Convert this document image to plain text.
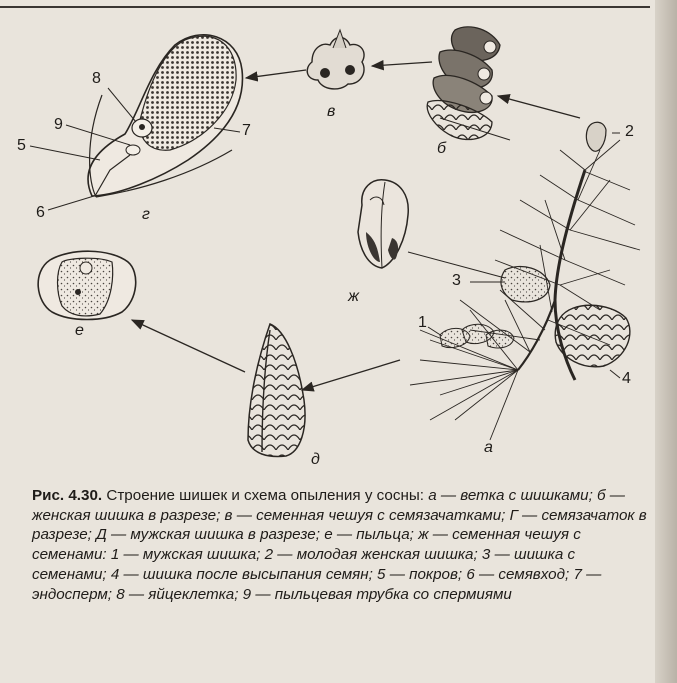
а
б
в
г
д
е
ж
1
2
3
4
5
6
7
8
9
Рис. 4.30. Строение шишек и схема опыления у сосны: а — ветка с шишками; б — женская шишка в разрезе; в — семенная чешуя с семязачатками; Г — семязачаток в разрезе; Д — мужская шишка в разрезе; е — пыльца; ж — семенная чешуя с семенами: 1 — мужская шишка; 2 — молодая женская шишка; 3 — шишка с семенами; 4 — шишка после высыпания семян; 5 — покров; 6 — семявход; 7 — эндосперм; 8 — яйцеклетка; 9 — пыльцевая трубка со спермиями
